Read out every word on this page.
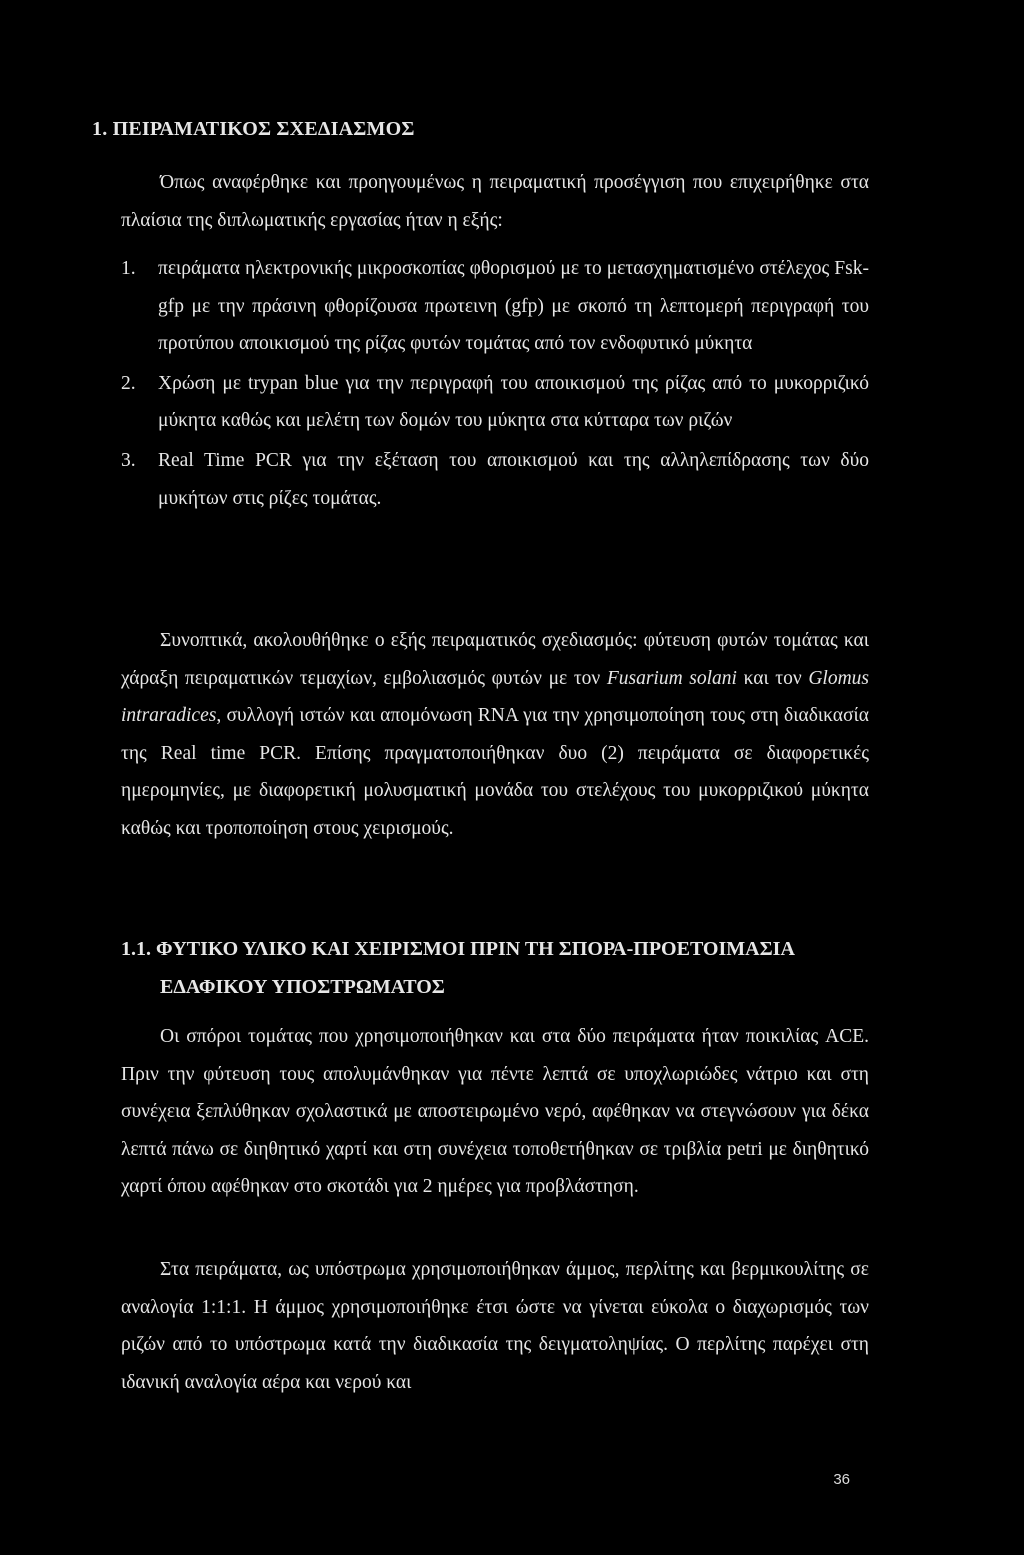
1. ΠΕΙΡΑΜΑΤΙΚΟΣ ΣΧΕΔΙΑΣΜΟΣ

Όπως αναφέρθηκε και προηγουμένως η πειραματική προσέγγιση που επιχειρήθηκε στα πλαίσια της διπλωματικής εργασίας ήταν η εξής:

1. πειράματα ηλεκτρονικής μικροσκοπίας φθορισμού με το μετασχηματισμένο στέλεχος Fsk-gfp με την πράσινη φθορίζουσα πρωτεινη (gfp) με σκοπό τη λεπτομερή περιγραφή του προτύπου αποικισμού της ρίζας φυτών τομάτας από τον ενδοφυτικό μύκητα
2. Χρώση με trypan blue για την περιγραφή του αποικισμού της ρίζας από το μυκορριζικό μύκητα καθώς και μελέτη των δομών του μύκητα στα κύτταρα των ριζών
3. Real Time PCR για την εξέταση του αποικισμού και της αλληλεπίδρασης των δύο μυκήτων στις ρίζες τομάτας.

Συνοπτικά, ακολουθήθηκε ο εξής πειραματικός σχεδιασμός: φύτευση φυτών τομάτας και χάραξη πειραματικών τεμαχίων, εμβολιασμός φυτών με τον Fusarium solani και τον Glomus intraradices, συλλογή ιστών και απομόνωση RNA για την χρησιμοποίηση τους στη διαδικασία της Real time PCR. Επίσης πραγματοποιήθηκαν δυο (2) πειράματα σε διαφορετικές ημερομηνίες, με διαφορετική μολυσματική μονάδα του στελέχους του μυκορριζικού μύκητα καθώς και τροποποίηση στους χειρισμούς.

1.1. ΦΥΤΙΚΟ ΥΛΙΚΟ ΚΑΙ ΧΕΙΡΙΣΜΟΙ ΠΡΙΝ ΤΗ ΣΠΟΡΑ-ΠΡΟΕΤΟΙΜΑΣΙΑ
ΕΔΑΦΙΚΟΥ ΥΠΟΣΤΡΩΜΑΤΟΣ

Οι σπόροι τομάτας που χρησιμοποιήθηκαν και στα δύο πειράματα ήταν ποικιλίας ACE. Πριν την φύτευση τους απολυμάνθηκαν για πέντε λεπτά σε υποχλωριώδες νάτριο και στη συνέχεια ξεπλύθηκαν σχολαστικά με αποστειρωμένο νερό, αφέθηκαν να στεγνώσουν για δέκα λεπτά πάνω σε διηθητικό χαρτί και στη συνέχεια τοποθετήθηκαν σε τριβλία petri με διηθητικό χαρτί όπου αφέθηκαν στο σκοτάδι για 2 ημέρες για προβλάστηση.

Στα πειράματα, ως υπόστρωμα χρησιμοποιήθηκαν άμμος, περλίτης και βερμικουλίτης σε αναλογία 1:1:1. Η άμμος χρησιμοποιήθηκε έτσι ώστε να γίνεται εύκολα ο διαχωρισμός των ριζών από το υπόστρωμα κατά την διαδικασία της δειγματοληψίας. Ο περλίτης παρέχει στη ιδανική αναλογία αέρα και νερού και

36
